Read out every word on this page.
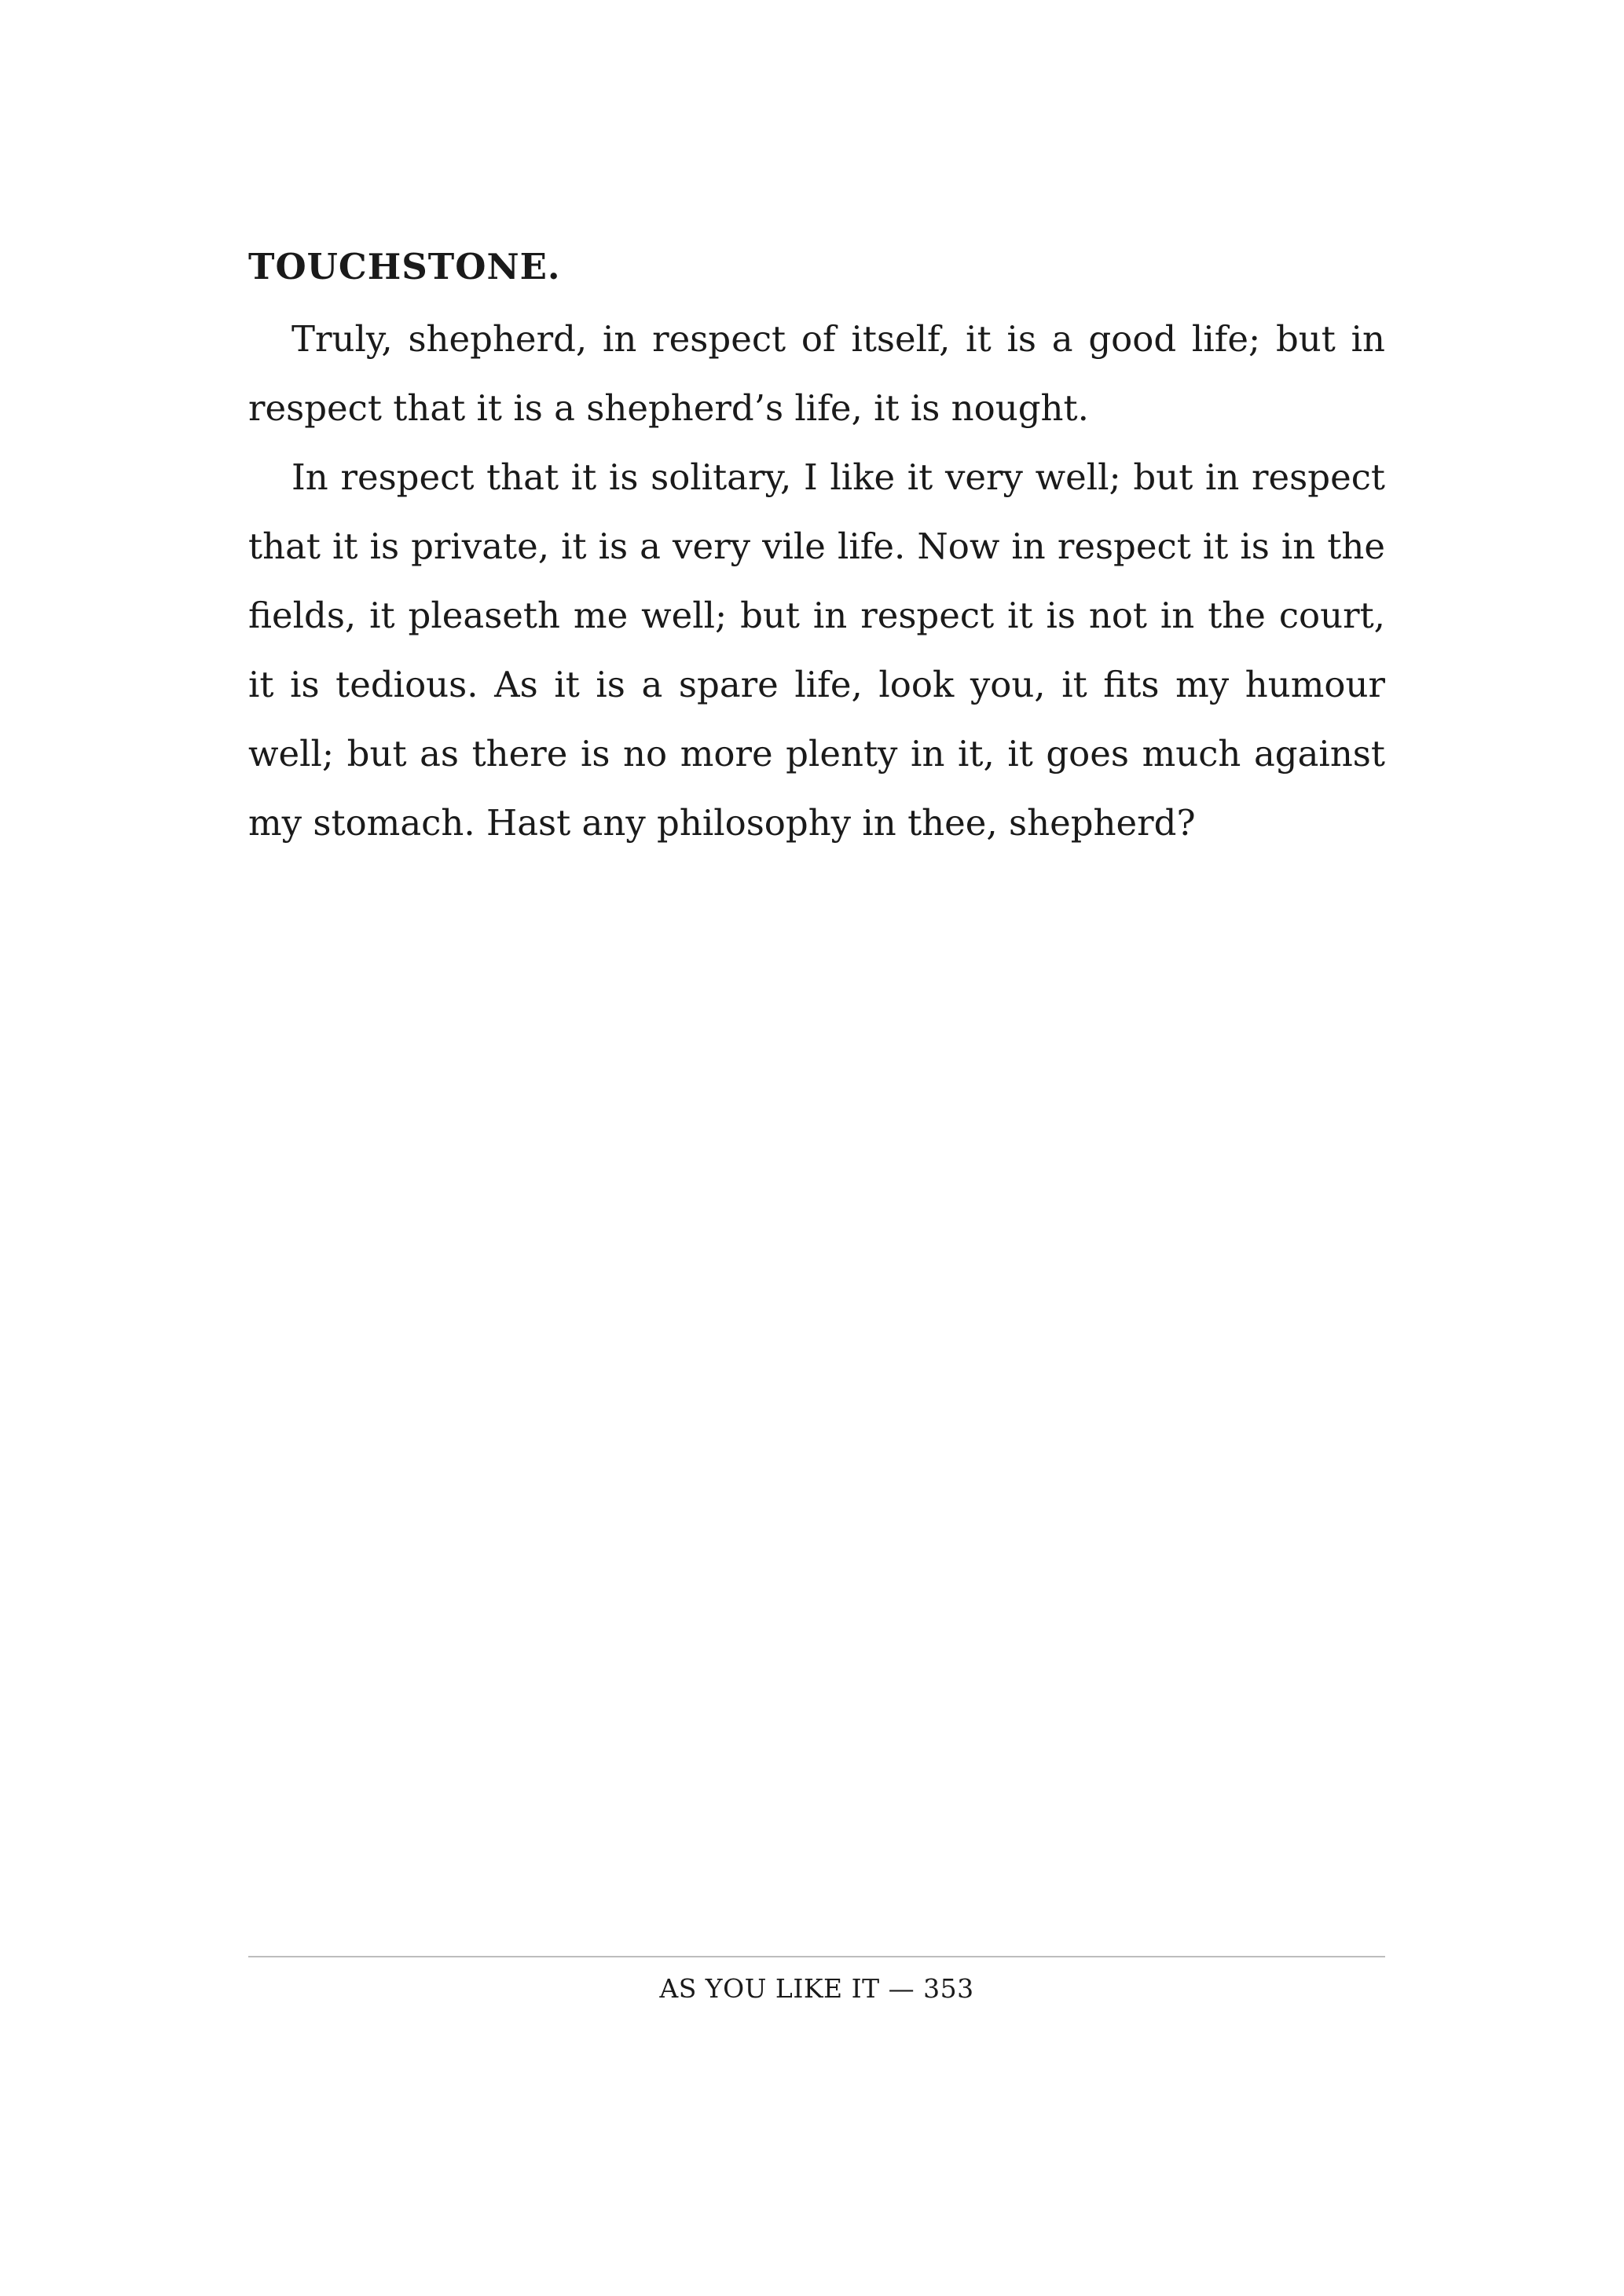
TOUCHSTONE.

Truly, shepherd, in respect of itself, it is a good life; but in respect that it is a shepherd’s life, it is nought.

In respect that it is solitary, I like it very well; but in respect that it is private, it is a very vile life. Now in respect it is in the fields, it pleaseth me well; but in respect it is not in the court, it is tedious. As it is a spare life, look you, it fits my humour well; but as there is no more plenty in it, it goes much against my stomach. Hast any philosophy in thee, shepherd?

AS YOU LIKE IT — 353
